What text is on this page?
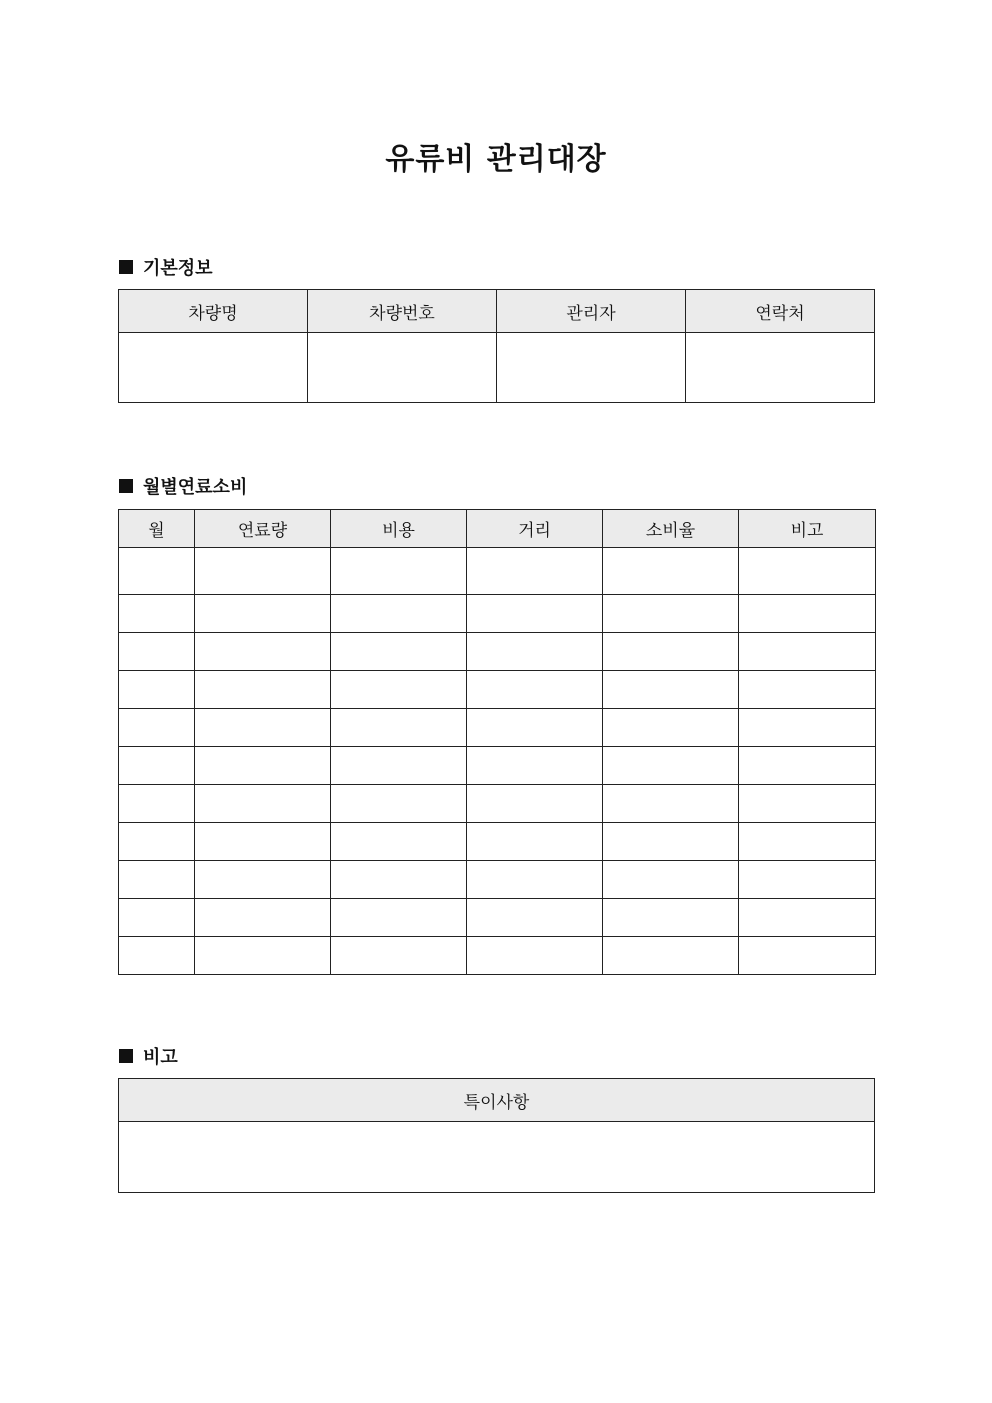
유류비 관리대장
기본정보
차량명	차량번호	관리자	연락처

월별연료소비
월	연료량	비용	거리	소비율	비고

비고
특이사항
